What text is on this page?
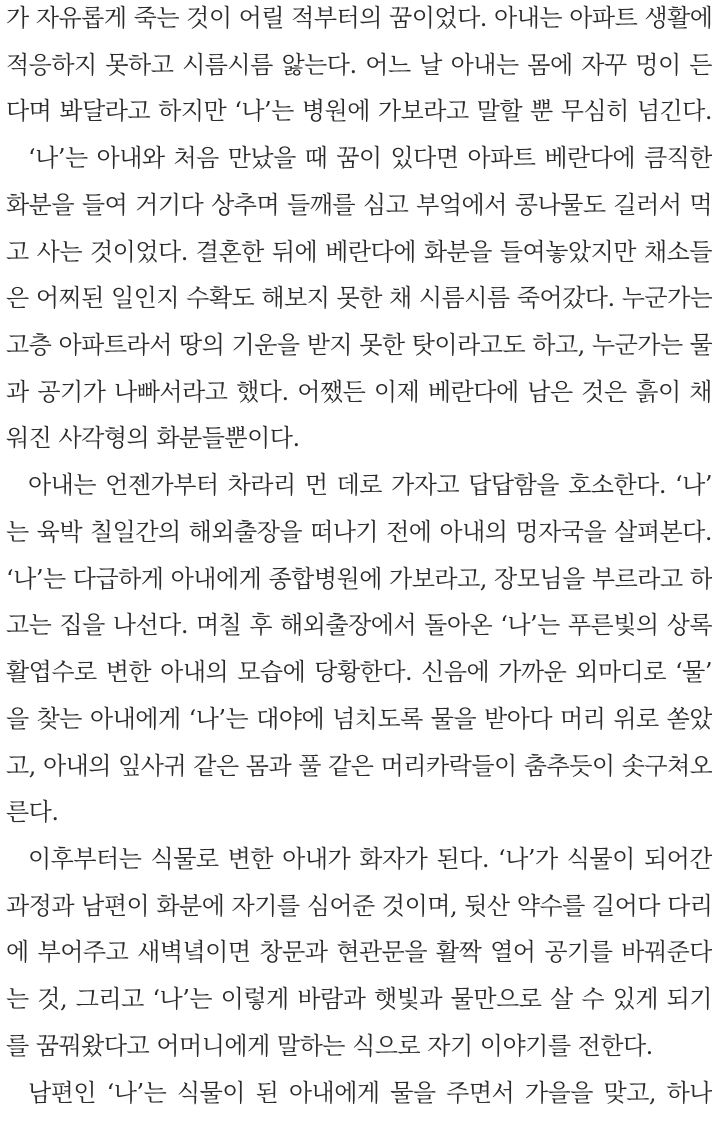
가 자유롭게 죽는 것이 어릴 적부터의 꿈이었다. 아내는 아파트 생활에
적응하지 못하고 시름시름 앓는다. 어느 날 아내는 몸에 자꾸 멍이 든
다며 봐달라고 하지만 ‘나’는 병원에 가보라고 말할 뿐 무심히 넘긴다.
‘나’는 아내와 처음 만났을 때 꿈이 있다면 아파트 베란다에 큼직한
화분을 들여 거기다 상추며 들깨를 심고 부엌에서 콩나물도 길러서 먹
고 사는 것이었다. 결혼한 뒤에 베란다에 화분을 들여놓았지만 채소들
은 어찌된 일인지 수확도 해보지 못한 채 시름시름 죽어갔다. 누군가는
고층 아파트라서 땅의 기운을 받지 못한 탓이라고도 하고, 누군가는 물
과 공기가 나빠서라고 했다. 어쨌든 이제 베란다에 남은 것은 흙이 채
워진 사각형의 화분들뿐이다.
아내는 언젠가부터 차라리 먼 데로 가자고 답답함을 호소한다. ‘나’
는 육박 칠일간의 해외출장을 떠나기 전에 아내의 멍자국을 살펴본다.
‘나’는 다급하게 아내에게 종합병원에 가보라고, 장모님을 부르라고 하
고는 집을 나선다. 며칠 후 해외출장에서 돌아온 ‘나’는 푸른빛의 상록
활엽수로 변한 아내의 모습에 당황한다. 신음에 가까운 외마디로 ‘물’
을 찾는 아내에게 ‘나’는 대야에 넘치도록 물을 받아다 머리 위로 쏟았
고, 아내의 잎사귀 같은 몸과 풀 같은 머리카락들이 춤추듯이 솟구쳐오
른다.
이후부터는 식물로 변한 아내가 화자가 된다. ‘나’가 식물이 되어간
과정과 남편이 화분에 자기를 심어준 것이며, 뒷산 약수를 길어다 다리
에 부어주고 새벽녘이면 창문과 현관문을 활짝 열어 공기를 바꿔준다
는 것, 그리고 ‘나’는 이렇게 바람과 햇빛과 물만으로 살 수 있게 되기
를 꿈꿔왔다고 어머니에게 말하는 식으로 자기 이야기를 전한다.
남편인 ‘나’는 식물이 된 아내에게 물을 주면서 가을을 맞고, 하나
